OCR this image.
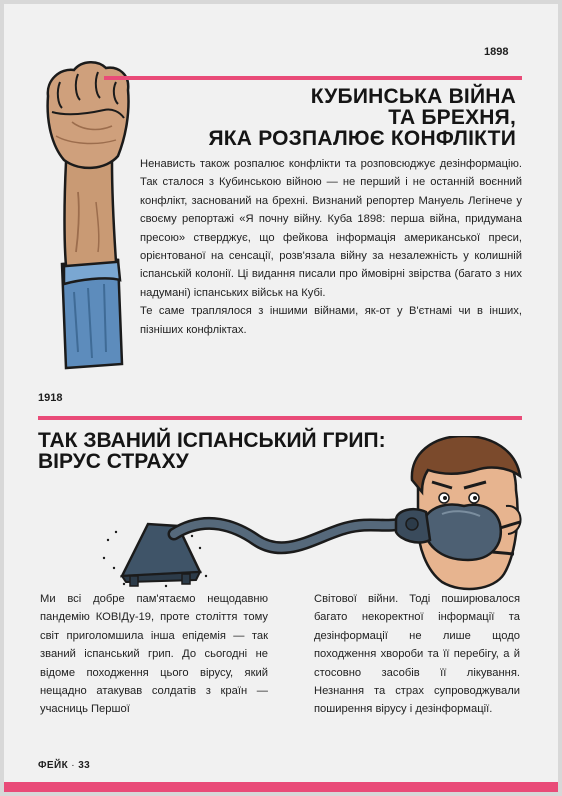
1898
КУБИНСЬКА ВІЙНА
ТА БРЕХНЯ,
ЯКА РОЗПАЛЮЄ КОНФЛІКТИ

Ненависть також розпалює конфлікти та розповсюджує дезінформацію. Так сталося з Кубинською війною — не перший і не останній воєнний конфлікт, заснований на брехні. Визнаний репортер Мануель Легінече у своєму репортажі «Я почну війну. Куба 1898: перша війна, придумана пресою» стверджує, що фейкова інформація американської преси, орієнтованої на сенсації, розв'язала війну за незалежність у колишній іспанській колонії. Ці видання писали про ймовірні звірства (багато з них надумані) іспанських військ на Кубі.

Те саме траплялося з іншими війнами, як-от у В'єтнамі чи в інших, пізніших конфліктах.

1918
ТАК ЗВАНИЙ ІСПАНСЬКИЙ ГРИП:
ВІРУС СТРАХУ

Ми всі добре пам'ятаємо нещодавню пандемію КОВІДу-19, проте століття тому світ приголомшила інша епідемія — так званий іспанський грип. До сьогодні не відоме походження цього вірусу, який нещадно атакував солдатів з країн — учасниць Першої

Світової війни. Тоді поширювалося багато некоректної інформації та дезінформації не лише щодо походження хвороби та її перебігу, а й стосовно засобів її лікування. Незнання та страх супроводжували поширення вірусу і дезінформації.

ФЕЙК · 33
